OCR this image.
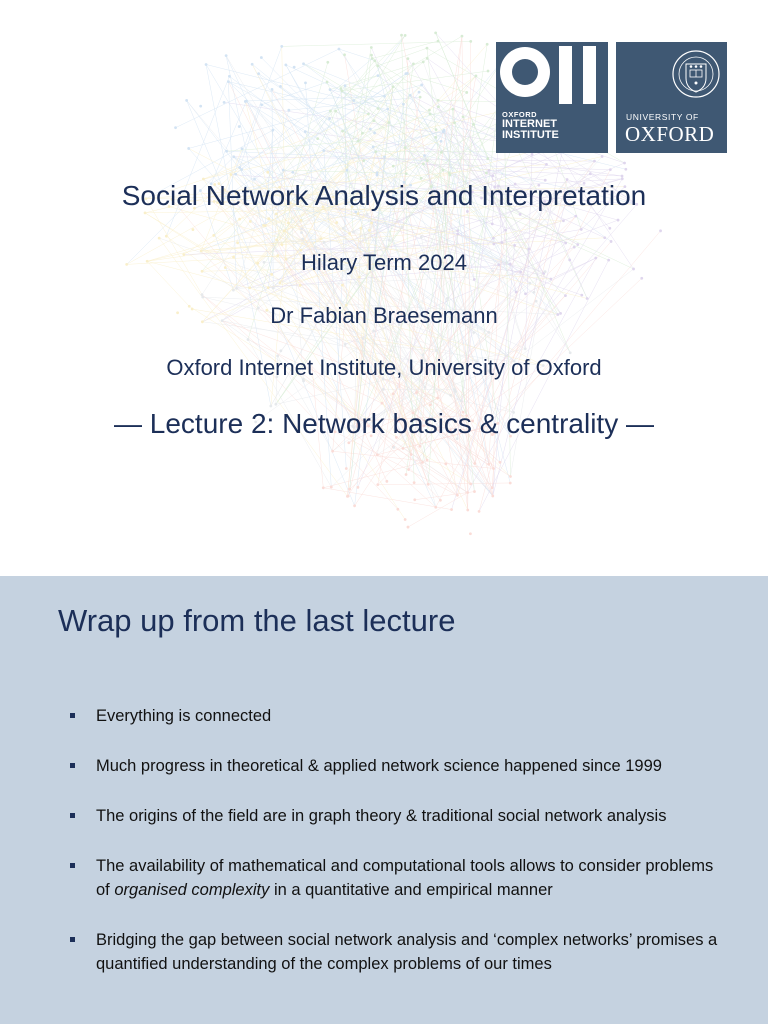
OXFORD
INTERNET
INSTITUTE
UNIVERSITY OF
OXFORD
Social Network Analysis and Interpretation
Hilary Term 2024
Dr Fabian Braesemann
Oxford Internet Institute, University of Oxford
— Lecture 2: Network basics & centrality —
Wrap up from the last lecture
Everything is connected
Much progress in theoretical & applied network science happened since 1999
The origins of the field are in graph theory & traditional social network analysis
The availability of mathematical and computational tools allows to consider problems of organised complexity in a quantitative and empirical manner
Bridging the gap between social network analysis and ‘complex networks’ promises a quantified understanding of the complex problems of our times
